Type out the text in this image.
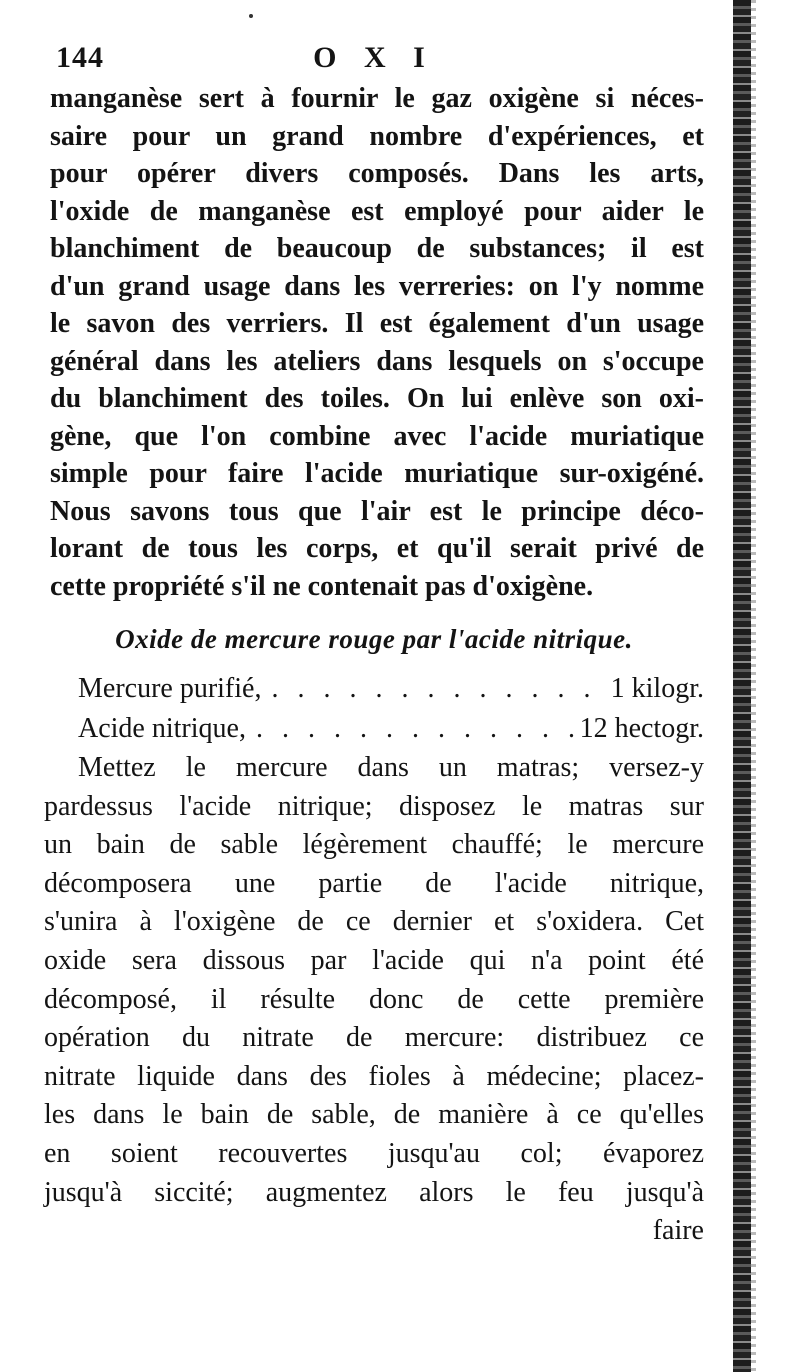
144	O X I
manganèse sert à fournir le gaz oxigène si néces-
saire pour un grand nombre d'expériences, et
pour opérer divers composés. Dans les arts,
l'oxide de manganèse est employé pour aider le
blanchiment de beaucoup de substances; il est
d'un grand usage dans les verreries: on l'y nomme
le savon des verriers. Il est également d'un usage
général dans les ateliers dans lesquels on s'occupe
du blanchiment des toiles. On lui enlève son oxi-
gène, que l'on combine avec l'acide muriatique
simple pour faire l'acide muriatique sur-oxigéné.
Nous savons tous que l'air est le principe déco-
lorant de tous les corps, et qu'il serait privé de
cette propriété s'il ne contenait pas d'oxigène.
Oxide de mercure rouge par l'acide nitrique.
Mercure purifié, . . .	1 kilogr.
Acide nitrique, . . .	12 hectogr.
Mettez le mercure dans un matras; versez-y
pardessus l'acide nitrique; disposez le matras sur
un bain de sable légèrement chauffé; le mercure
décomposera une partie de l'acide nitrique,
s'unira à l'oxigène de ce dernier et s'oxidera. Cet
oxide sera dissous par l'acide qui n'a point été
décomposé, il résulte donc de cette première
opération du nitrate de mercure: distribuez ce
nitrate liquide dans des fioles à médecine; placez-
les dans le bain de sable, de manière à ce qu'elles
en soient recouvertes jusqu'au col; évaporez
jusqu'à siccité; augmentez alors le feu jusqu'à
faire
